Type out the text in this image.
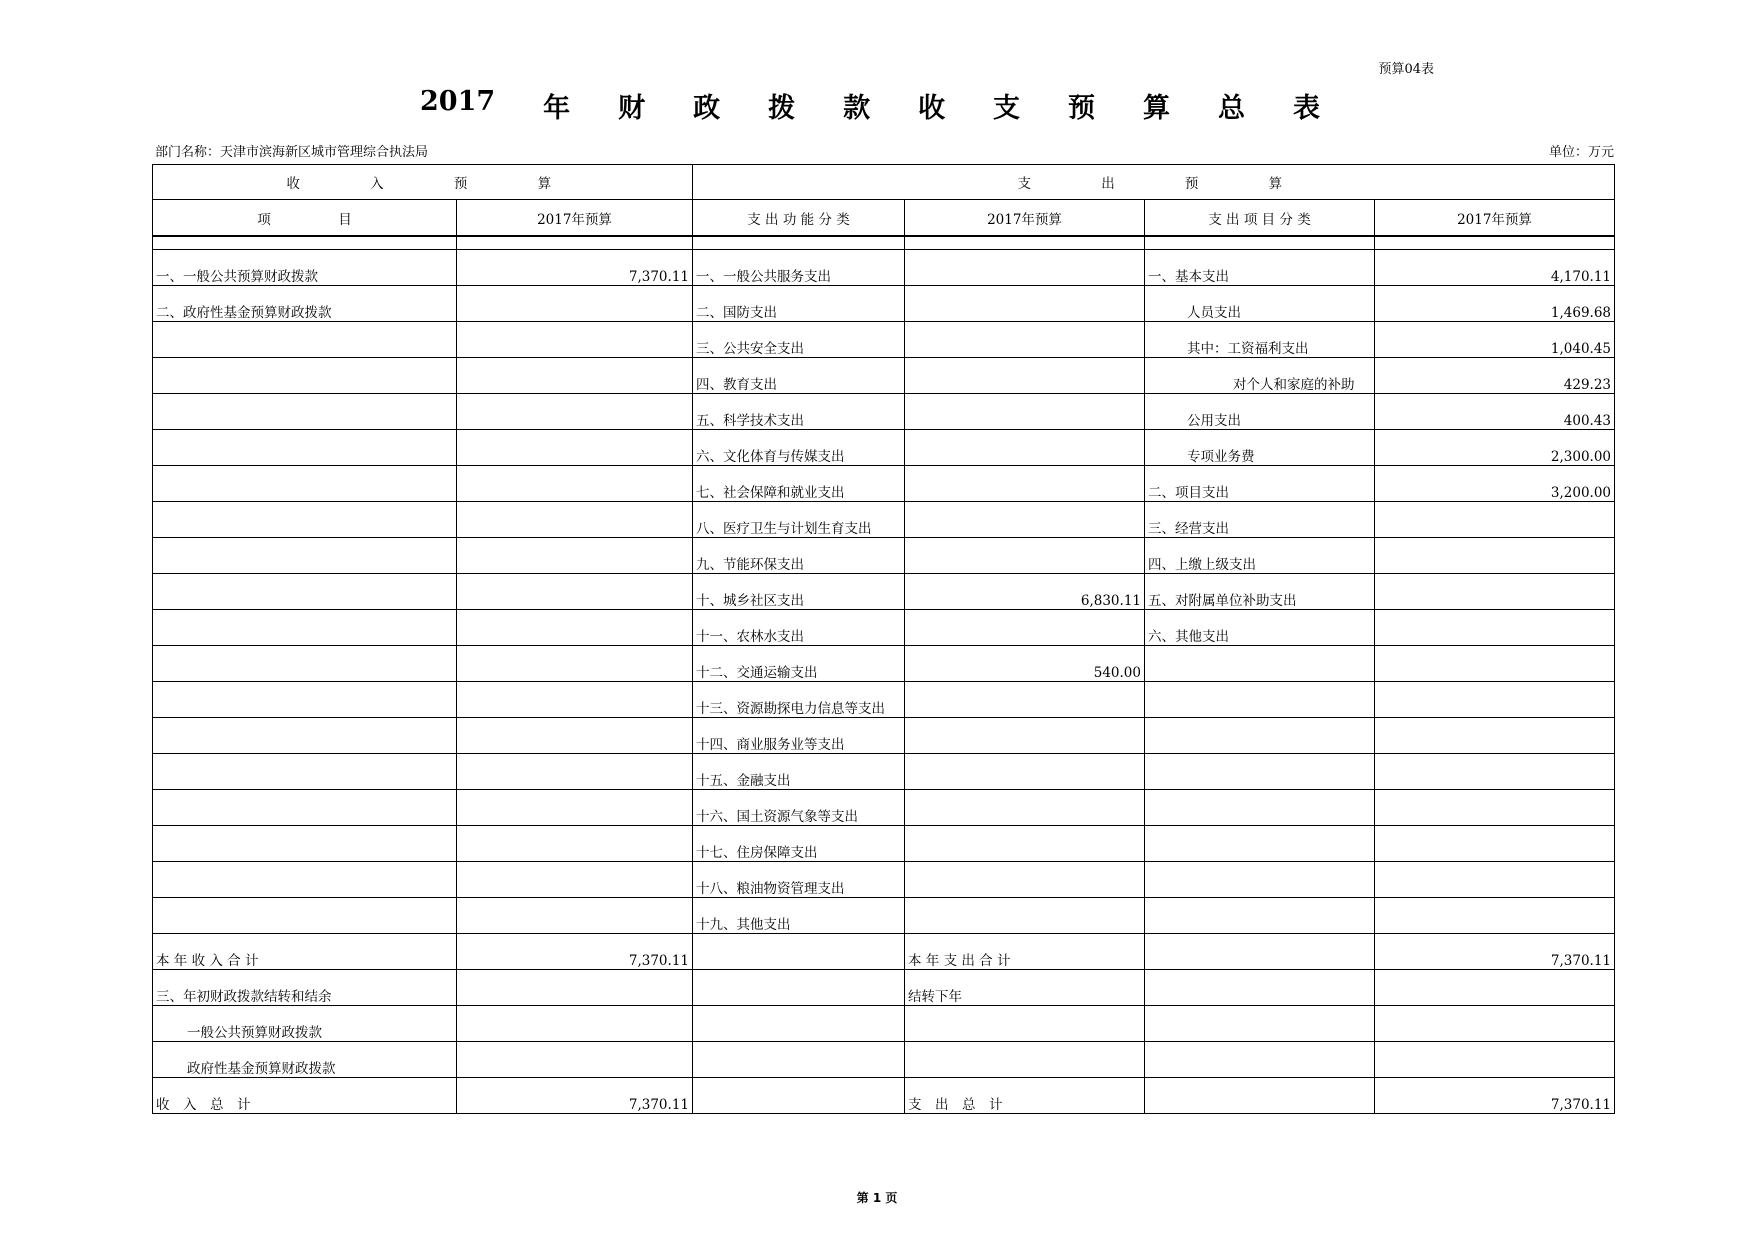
预算04表
2017 年 财 政 拨 款 收 支 预 算 总 表
部门名称：天津市滨海新区城市管理综合执法局	单位：万元
收　　　入　　　预　　　算		支　　　出　　　预　　　算			
项　　　　　目	2017年预算	支 出 功 能 分 类	2017年预算	支 出 项 目 分 类	2017年预算

一、一般公共预算财政拨款	7,370.11	一、一般公共服务支出		一、基本支出	4,170.11
二、政府性基金预算财政拨款		二、国防支出		人员支出	1,469.68
		三、公共安全支出		其中：工资福利支出	1,040.45
		四、教育支出		对个人和家庭的补助	429.23
		五、科学技术支出		公用支出	400.43
		六、文化体育与传媒支出		专项业务费	2,300.00
		七、社会保障和就业支出		二、项目支出	3,200.00
		八、医疗卫生与计划生育支出		三、经营支出	
		九、节能环保支出		四、上缴上级支出	
		十、城乡社区支出	6,830.11	五、对附属单位补助支出	
		十一、农林水支出		六、其他支出	
		十二、交通运输支出	540.00		
		十三、资源勘探电力信息等支出			
		十四、商业服务业等支出			
		十五、金融支出			
		十六、国土资源气象等支出			
		十七、住房保障支出			
		十八、粮油物资管理支出			
		十九、其他支出			
本 年 收 入 合 计	7,370.11		本 年 支 出 合 计		7,370.11
三、年初财政拨款结转和结余			结转下年		
一般公共预算财政拨款					
政府性基金预算财政拨款					
收　入　总　计	7,370.11		支　出　总　计		7,370.11
第 1 页
